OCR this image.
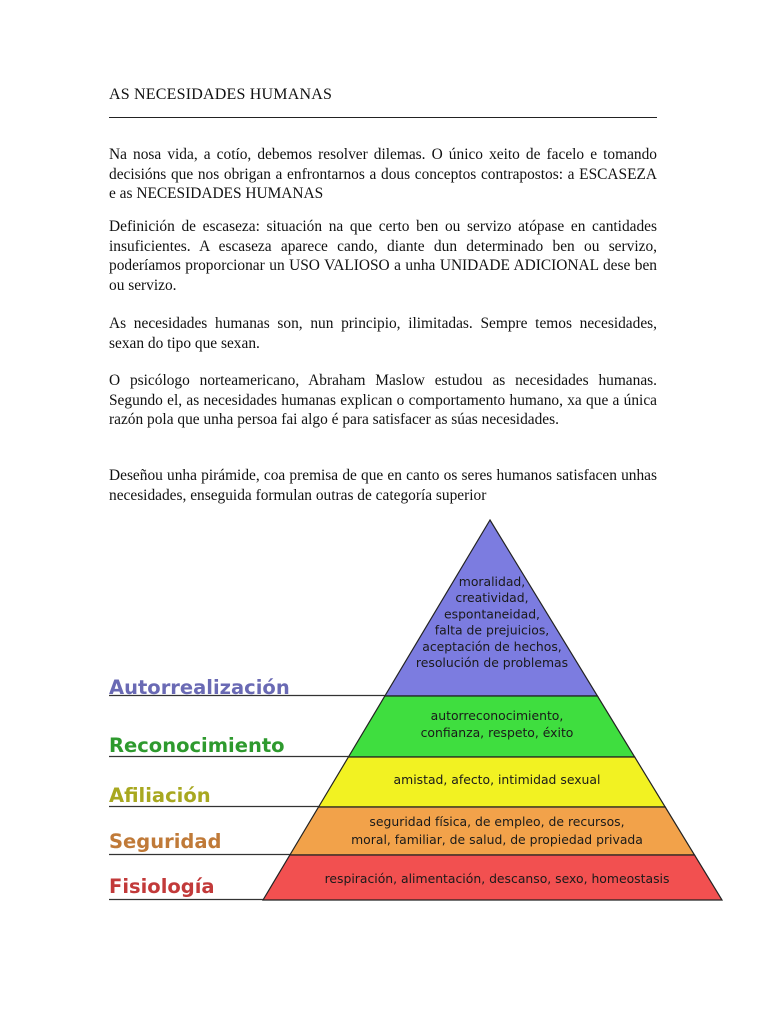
AS NECESIDADES HUMANAS

Na nosa vida, a cotío, debemos resolver dilemas. O único xeito de facelo e tomando decisións que nos obrigan a enfrontarnos a dous conceptos contrapostos: a ESCASEZA e as NECESIDADES HUMANAS

Definición de escaseza: situación na que certo ben ou servizo atópase en cantidades insuficientes. A escaseza aparece cando, diante dun determinado ben ou servizo, poderíamos proporcionar un USO VALIOSO a unha UNIDADE ADICIONAL dese ben ou servizo.

As necesidades humanas son, nun principio, ilimitadas. Sempre temos necesidades, sexan do tipo que sexan.

O psicólogo norteamericano, Abraham Maslow estudou as necesidades humanas. Segundo el, as necesidades humanas explican o comportamento humano, xa que a única razón pola que unha persoa fai algo é para satisfacer as súas necesidades.

Deseñou unha pirámide, coa premisa de que en canto os seres humanos satisfacen unhas necesidades, enseguida formulan outras de categoría superior

Autorrealización
moralidad,
creatividad,
espontaneidad,
falta de prejuicios,
aceptación de hechos,
resolución de problemas
Reconocimiento
autorreconocimiento,
confianza, respeto, éxito
Afiliación
amistad, afecto, intimidad sexual
Seguridad
seguridad física, de empleo, de recursos,
moral, familiar, de salud, de propiedad privada
Fisiología	respiración, alimentación, descanso, sexo, homeostasis
